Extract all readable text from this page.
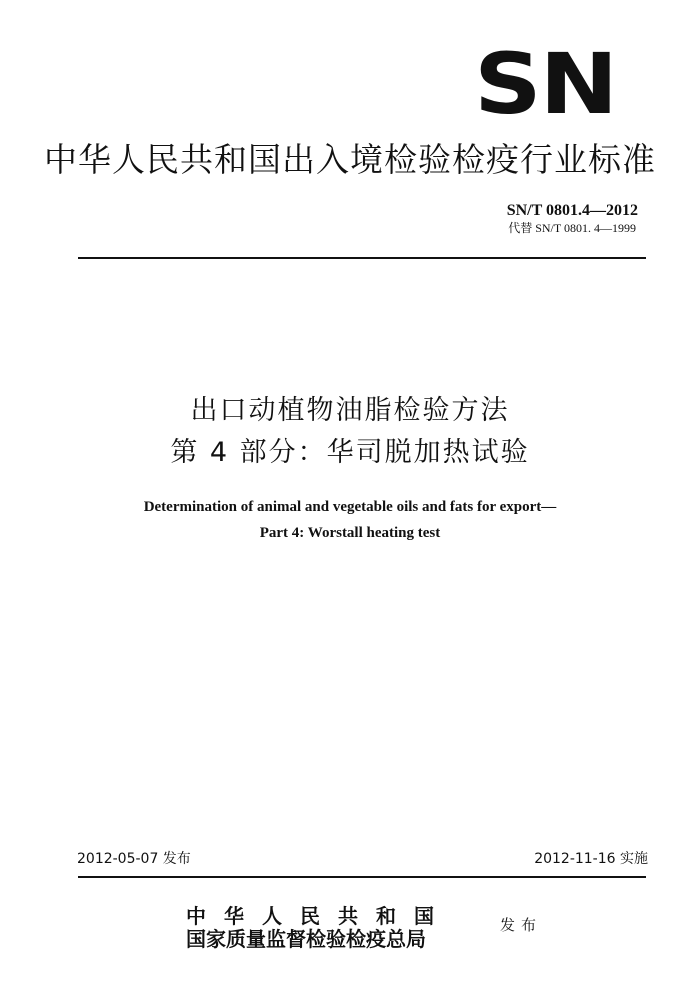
SN
中华人民共和国出入境检验检疫行业标准
SN/T 0801.4—2012
代替 SN/T 0801. 4—1999
出口动植物油脂检验方法
第 4 部分：华司脱加热试验
Determination of animal and vegetable oils and fats for export—
Part 4: Worstall heating test
2012-05-07 发布	2012-11-16 实施
中华人民共和国
国家质量监督检验检疫总局
发布
